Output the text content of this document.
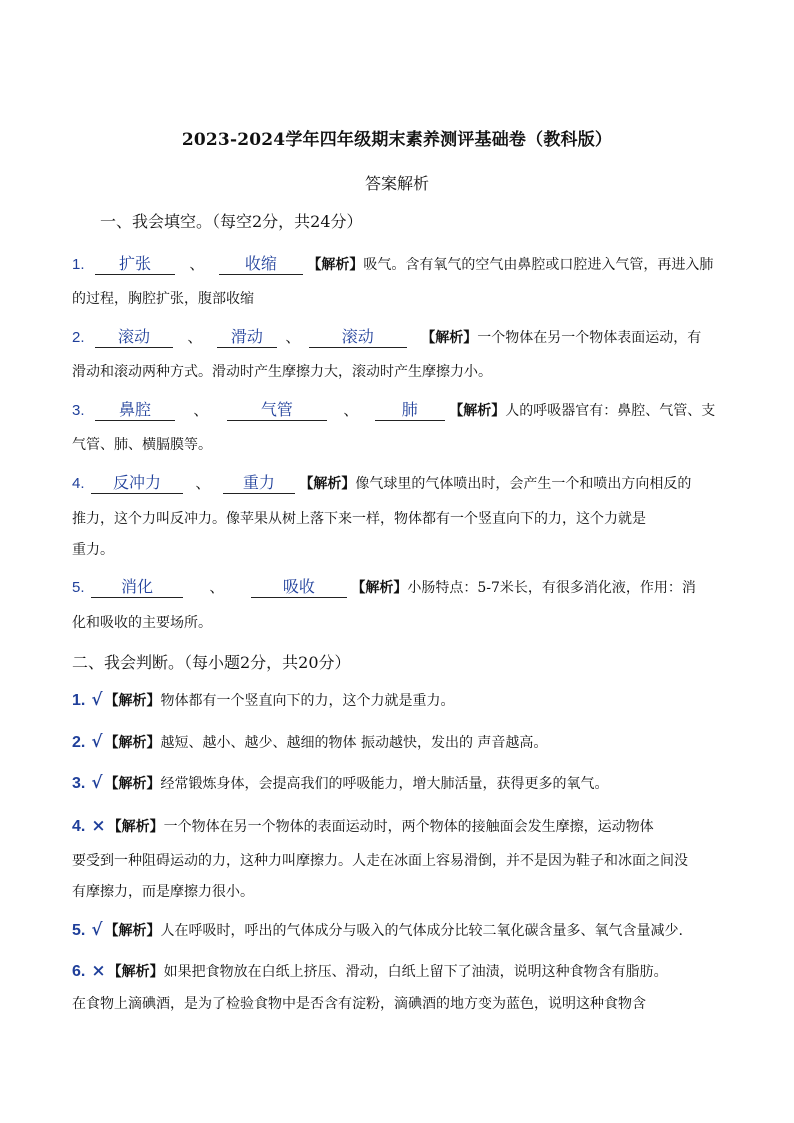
2023-2024学年四年级期末素养测评基础卷（教科版）
答案解析
一、我会填空。（每空2分，共24分）
1. 扩张	、	收缩 【解析】吸气。含有氧气的空气由鼻腔或口腔进入气管，再进入肺
的过程，胸腔扩张，腹部收缩
2. 滚动 、 滑动 、	滚动	【解析】一个物体在另一个物体表面运动，有
滑动和滚动两种方式。滑动时产生摩擦力大，滚动时产生摩擦力小。
3. 鼻腔	、	气管	、	肺 【解析】人的呼吸器官有：鼻腔、气管、支
气管、肺、横膈膜等。
4. 反冲力 、 重力 【解析】像气球里的气体喷出时，会产生一个和喷出方向相反的
推力，这个力叫反冲力。像苹果从树上落下来一样，物体都有一个竖直向下的力，这个力就是
重力。
5. 消化	、	吸收	【解析】小肠特点：5-7米长，有很多消化液，作用：消
化和吸收的主要场所。
二、我会判断。（每小题2分，共20分）
1. √ 【解析】物体都有一个竖直向下的力，这个力就是重力。
2. √ 【解析】越短、越小、越少、越细的物体 振动越快，发出的 声音越高。
3. √ 【解析】经常锻炼身体，会提高我们的呼吸能力，增大肺活量，获得更多的氧气。
4. × 【解析】一个物体在另一个物体的表面运动时，两个物体的接触面会发生摩擦，运动物体
要受到一种阻碍运动的力，这种力叫摩擦力。人走在冰面上容易滑倒，并不是因为鞋子和冰面之间没
有摩擦力，而是摩擦力很小。
5. √ 【解析】人在呼吸时，呼出的气体成分与吸入的气体成分比较二氧化碳含量多、氧气含量减少.
6. × 【解析】如果把食物放在白纸上挤压、滑动，白纸上留下了油渍，说明这种食物含有脂肪。
在食物上滴碘酒，是为了检验食物中是否含有淀粉，滴碘酒的地方变为蓝色，说明这种食物含
